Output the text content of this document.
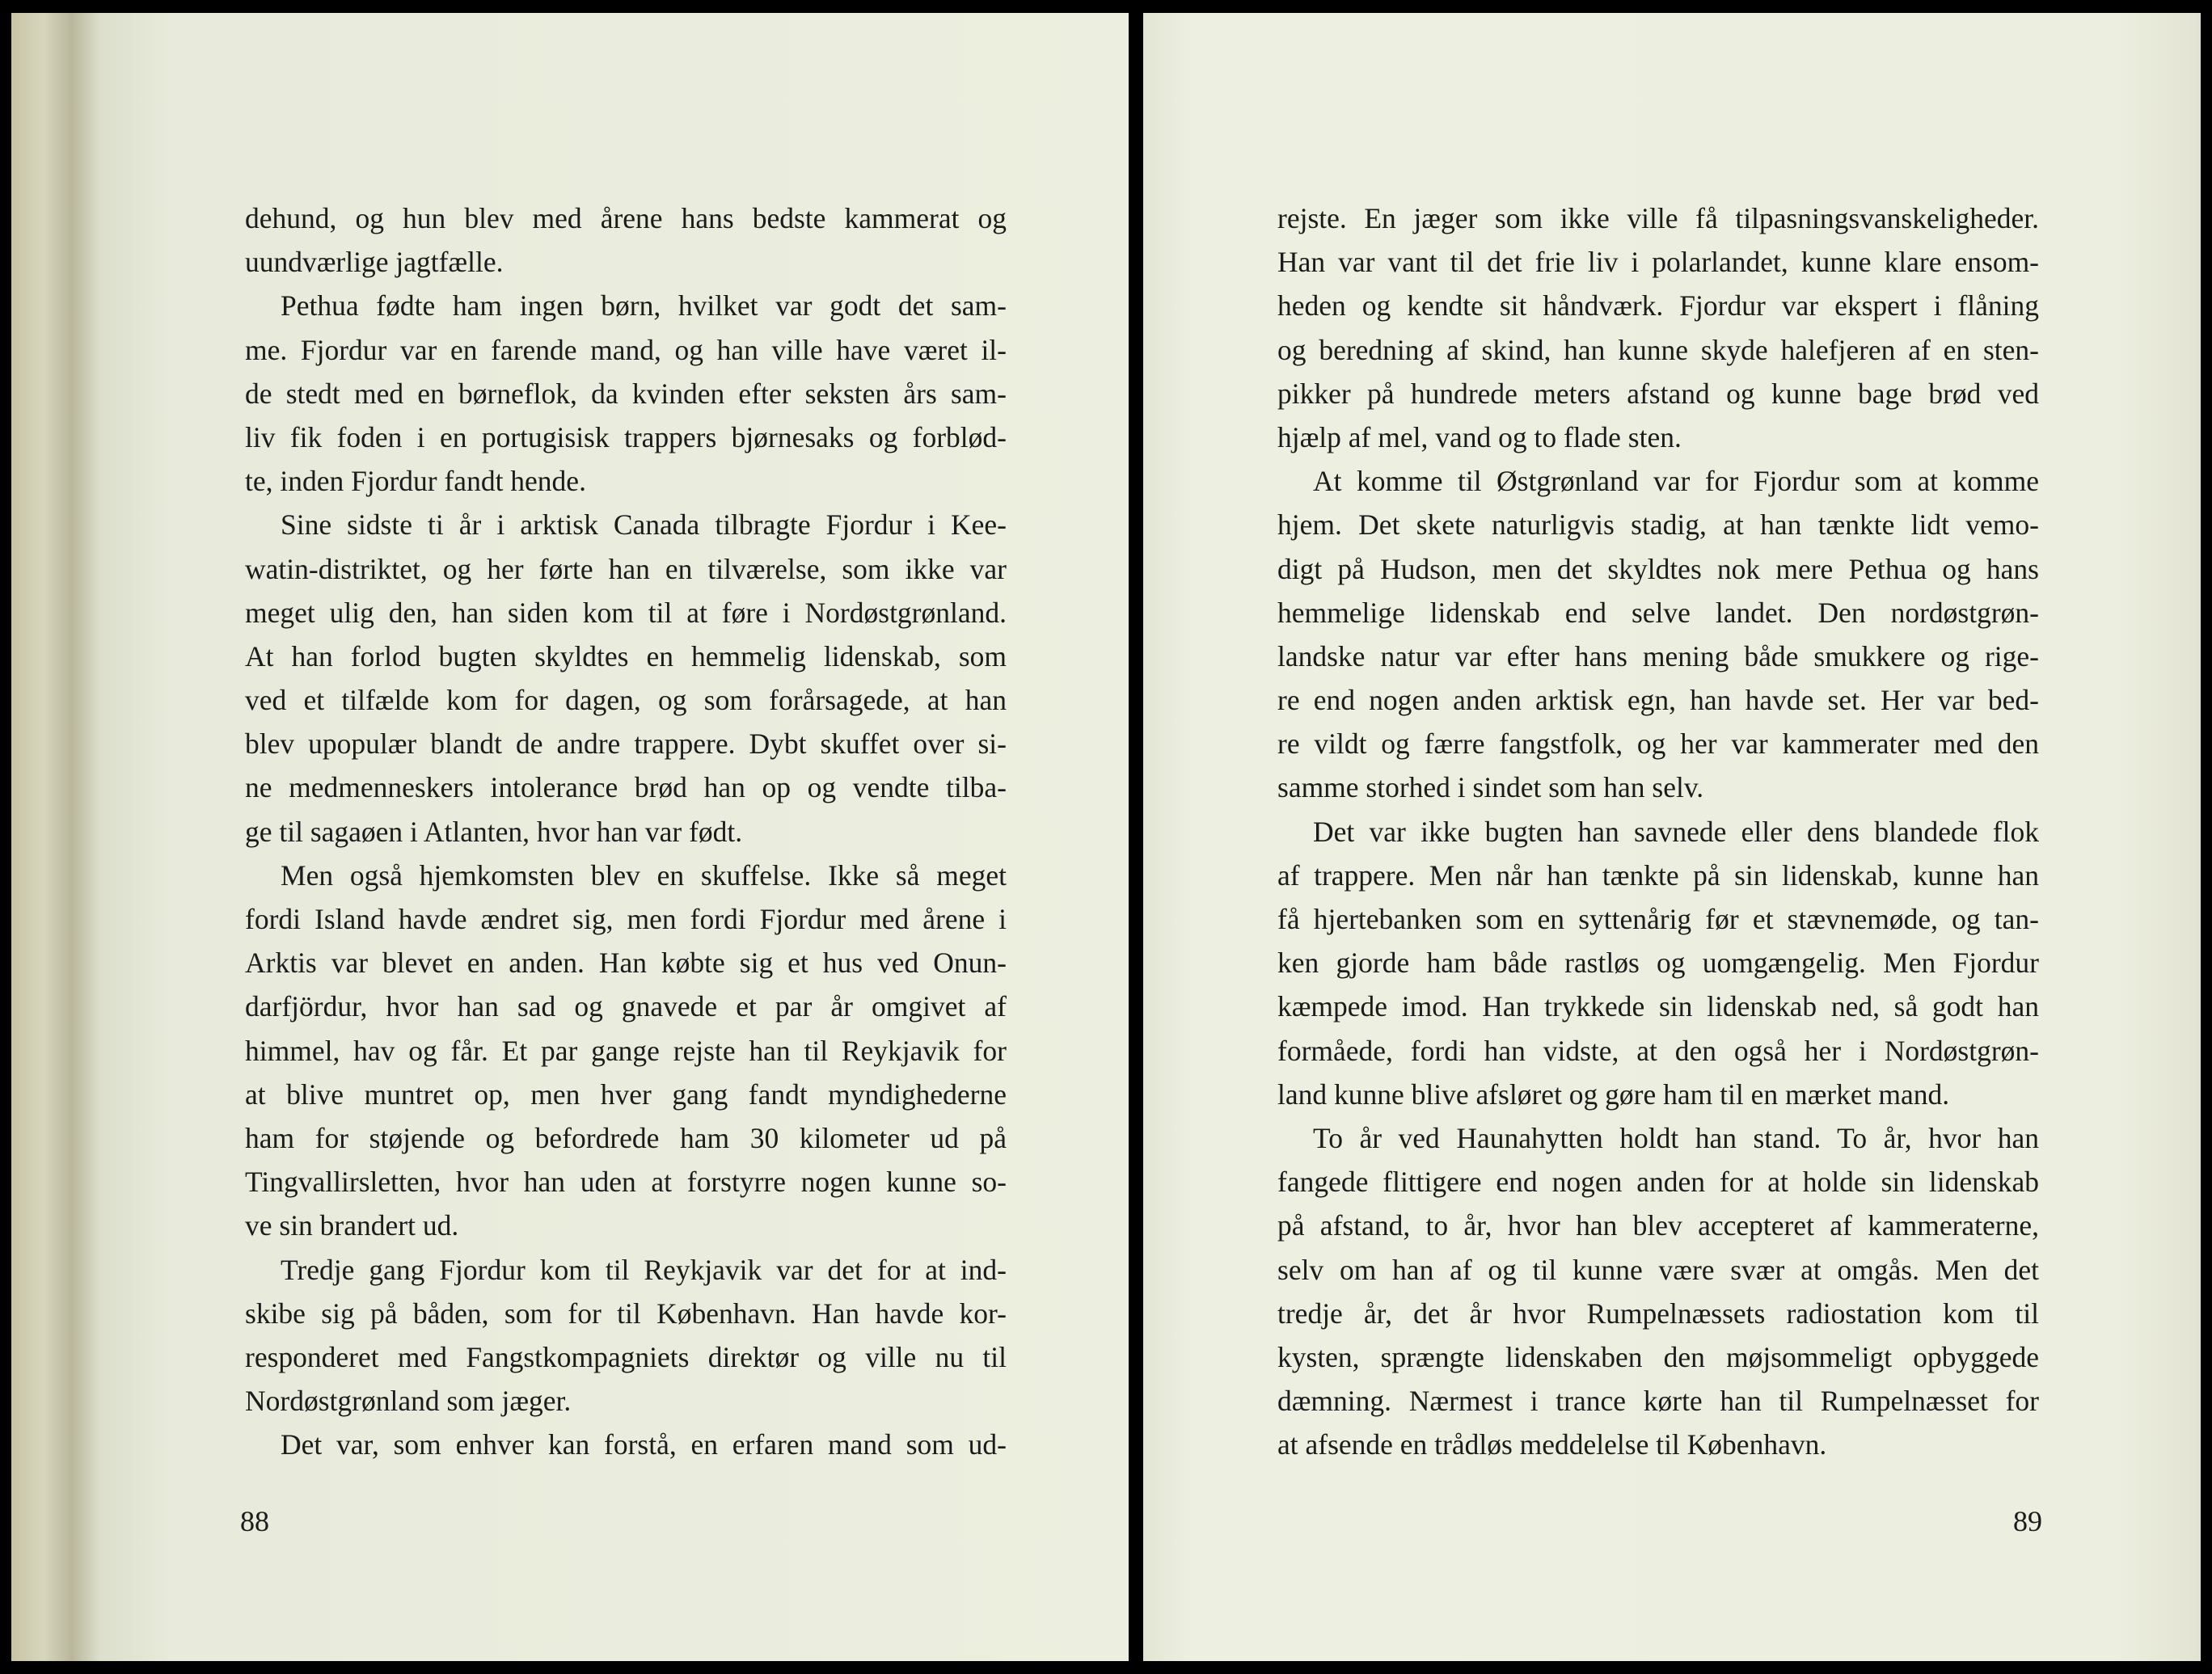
dehund, og hun blev med årene hans bedste kammerat og
uundværlige jagtfælle.
Pethua fødte ham ingen børn, hvilket var godt det sam-
me. Fjordur var en farende mand, og han ville have været il-
de stedt med en børneflok, da kvinden efter seksten års sam-
liv fik foden i en portugisisk trappers bjørnesaks og forblød-
te, inden Fjordur fandt hende.
Sine sidste ti år i arktisk Canada tilbragte Fjordur i Kee-
watin-distriktet, og her førte han en tilværelse, som ikke var
meget ulig den, han siden kom til at føre i Nordøstgrønland.
At han forlod bugten skyldtes en hemmelig lidenskab, som
ved et tilfælde kom for dagen, og som forårsagede, at han
blev upopulær blandt de andre trappere. Dybt skuffet over si-
ne medmenneskers intolerance brød han op og vendte tilba-
ge til sagaøen i Atlanten, hvor han var født.
Men også hjemkomsten blev en skuffelse. Ikke så meget
fordi Island havde ændret sig, men fordi Fjordur med årene i
Arktis var blevet en anden. Han købte sig et hus ved Onun-
darfjördur, hvor han sad og gnavede et par år omgivet af
himmel, hav og får. Et par gange rejste han til Reykjavik for
at blive muntret op, men hver gang fandt myndighederne
ham for støjende og befordrede ham 30 kilometer ud på
Tingvallirsletten, hvor han uden at forstyrre nogen kunne so-
ve sin brandert ud.
Tredje gang Fjordur kom til Reykjavik var det for at ind-
skibe sig på båden, som for til København. Han havde kor-
responderet med Fangstkompagniets direktør og ville nu til
Nordøstgrønland som jæger.
Det var, som enhver kan forstå, en erfaren mand som ud-
88
rejste. En jæger som ikke ville få tilpasningsvanskeligheder.
Han var vant til det frie liv i polarlandet, kunne klare ensom-
heden og kendte sit håndværk. Fjordur var ekspert i flåning
og beredning af skind, han kunne skyde halefjeren af en sten-
pikker på hundrede meters afstand og kunne bage brød ved
hjælp af mel, vand og to flade sten.
At komme til Østgrønland var for Fjordur som at komme
hjem. Det skete naturligvis stadig, at han tænkte lidt vemo-
digt på Hudson, men det skyldtes nok mere Pethua og hans
hemmelige lidenskab end selve landet. Den nordøstgrøn-
landske natur var efter hans mening både smukkere og rige-
re end nogen anden arktisk egn, han havde set. Her var bed-
re vildt og færre fangstfolk, og her var kammerater med den
samme storhed i sindet som han selv.
Det var ikke bugten han savnede eller dens blandede flok
af trappere. Men når han tænkte på sin lidenskab, kunne han
få hjertebanken som en syttenårig før et stævnemøde, og tan-
ken gjorde ham både rastløs og uomgængelig. Men Fjordur
kæmpede imod. Han trykkede sin lidenskab ned, så godt han
formåede, fordi han vidste, at den også her i Nordøstgrøn-
land kunne blive afsløret og gøre ham til en mærket mand.
To år ved Haunahytten holdt han stand. To år, hvor han
fangede flittigere end nogen anden for at holde sin lidenskab
på afstand, to år, hvor han blev accepteret af kammeraterne,
selv om han af og til kunne være svær at omgås. Men det
tredje år, det år hvor Rumpelnæssets radiostation kom til
kysten, sprængte lidenskaben den møjsommeligt opbyggede
dæmning. Nærmest i trance kørte han til Rumpelnæsset for
at afsende en trådløs meddelelse til København.
89
